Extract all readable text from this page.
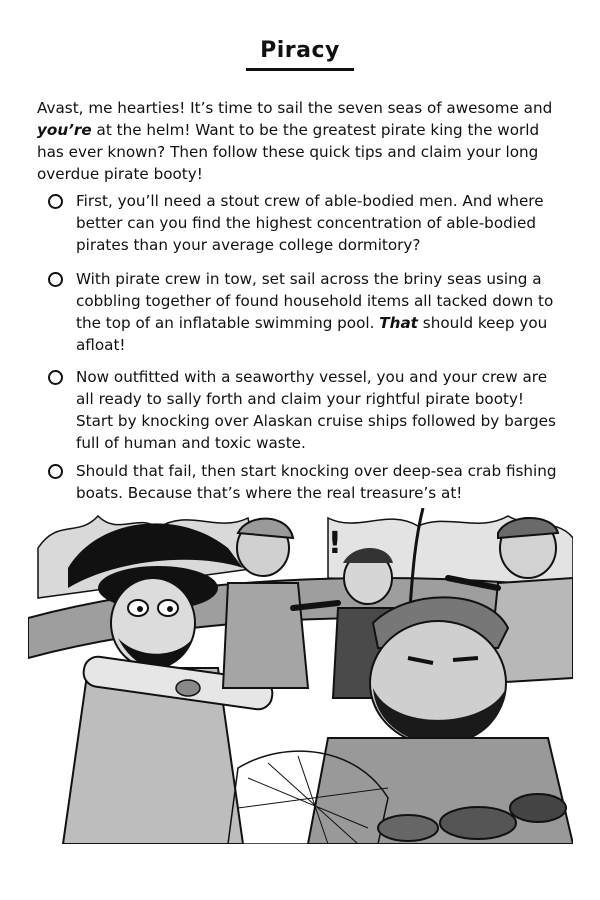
Piracy

Avast, me hearties! It’s time to sail the seven seas of awesome and you’re at the helm! Want to be the greatest pirate king the world has ever known? Then follow these quick tips and claim your long overdue pirate booty!

First, you’ll need a stout crew of able-bodied men. And where better can you find the highest concentration of able-bodied pirates than your average college dormitory?
With pirate crew in tow, set sail across the briny seas using a cobbling together of found household items all tacked down to the top of an inflatable swimming pool. That should keep you afloat!
Now outfitted with a seaworthy vessel, you and your crew are all ready to sally forth and claim your rightful pirate booty! Start by knocking over Alaskan cruise ships followed by barges full of human and toxic waste.
Should that fail, then start knocking over deep-sea crab fishing boats. Because that’s where the real treasure’s at!
!
